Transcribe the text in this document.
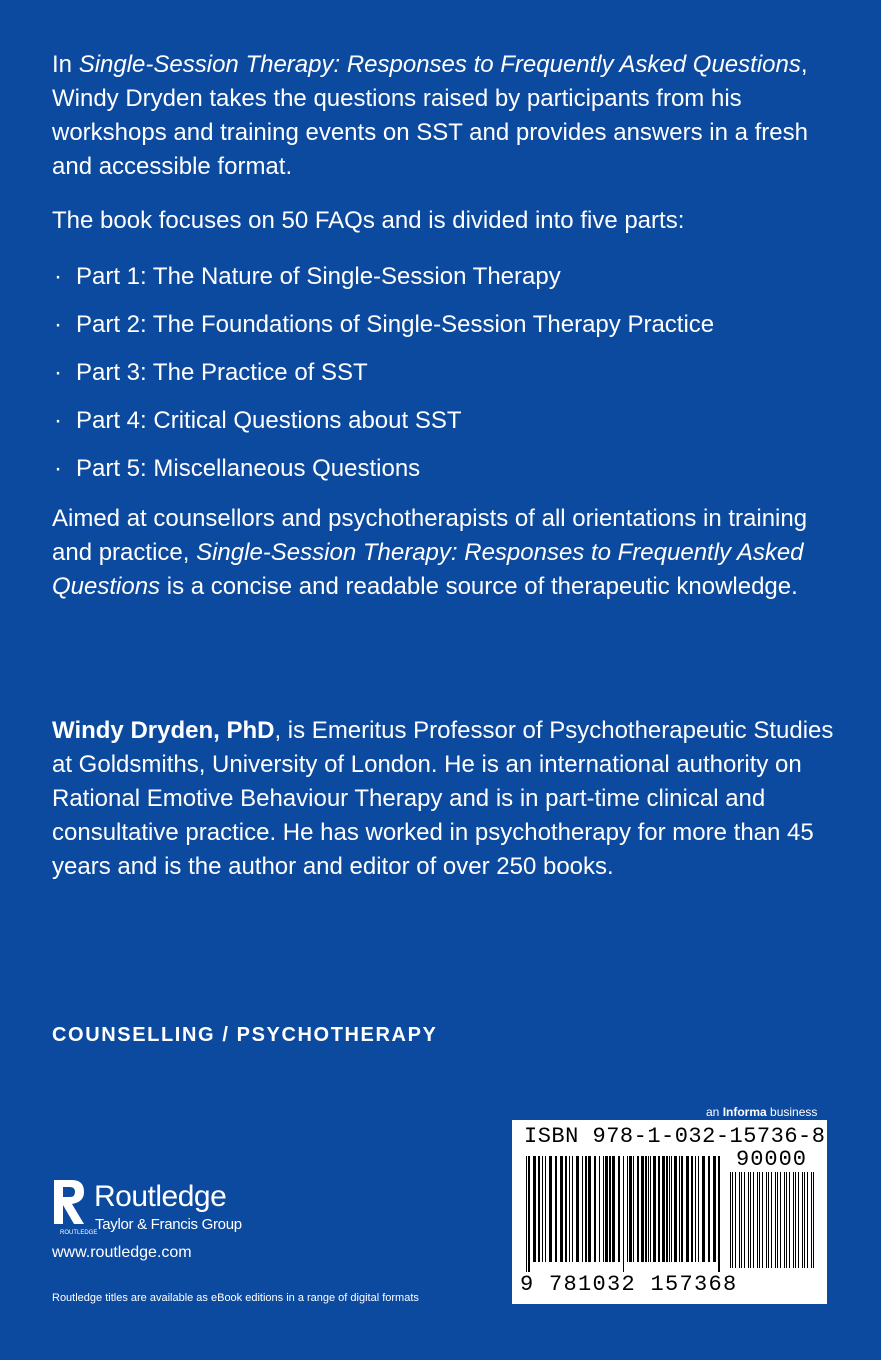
In Single-Session Therapy: Responses to Frequently Asked Questions, Windy Dryden takes the questions raised by participants from his workshops and training events on SST and provides answers in a fresh and accessible format.

The book focuses on 50 FAQs and is divided into five parts:

· Part 1: The Nature of Single-Session Therapy
· Part 2: The Foundations of Single-Session Therapy Practice
· Part 3: The Practice of SST
· Part 4: Critical Questions about SST
· Part 5: Miscellaneous Questions

Aimed at counsellors and psychotherapists of all orientations in training and practice, Single-Session Therapy: Responses to Frequently Asked Questions is a concise and readable source of therapeutic knowledge.

Windy Dryden, PhD, is Emeritus Professor of Psychotherapeutic Studies at Goldsmiths, University of London. He is an international authority on Rational Emotive Behaviour Therapy and is in part-time clinical and consultative practice. He has worked in psychotherapy for more than 45 years and is the author and editor of over 250 books.
COUNSELLING / PSYCHOTHERAPY
ROUTLEDGE
Routledge
Taylor & Francis Group
www.routledge.com
Routledge titles are available as eBook editions in a range of digital formats
an Informa business
ISBN 978-1-032-15736-8
90000
9 781032 157368
